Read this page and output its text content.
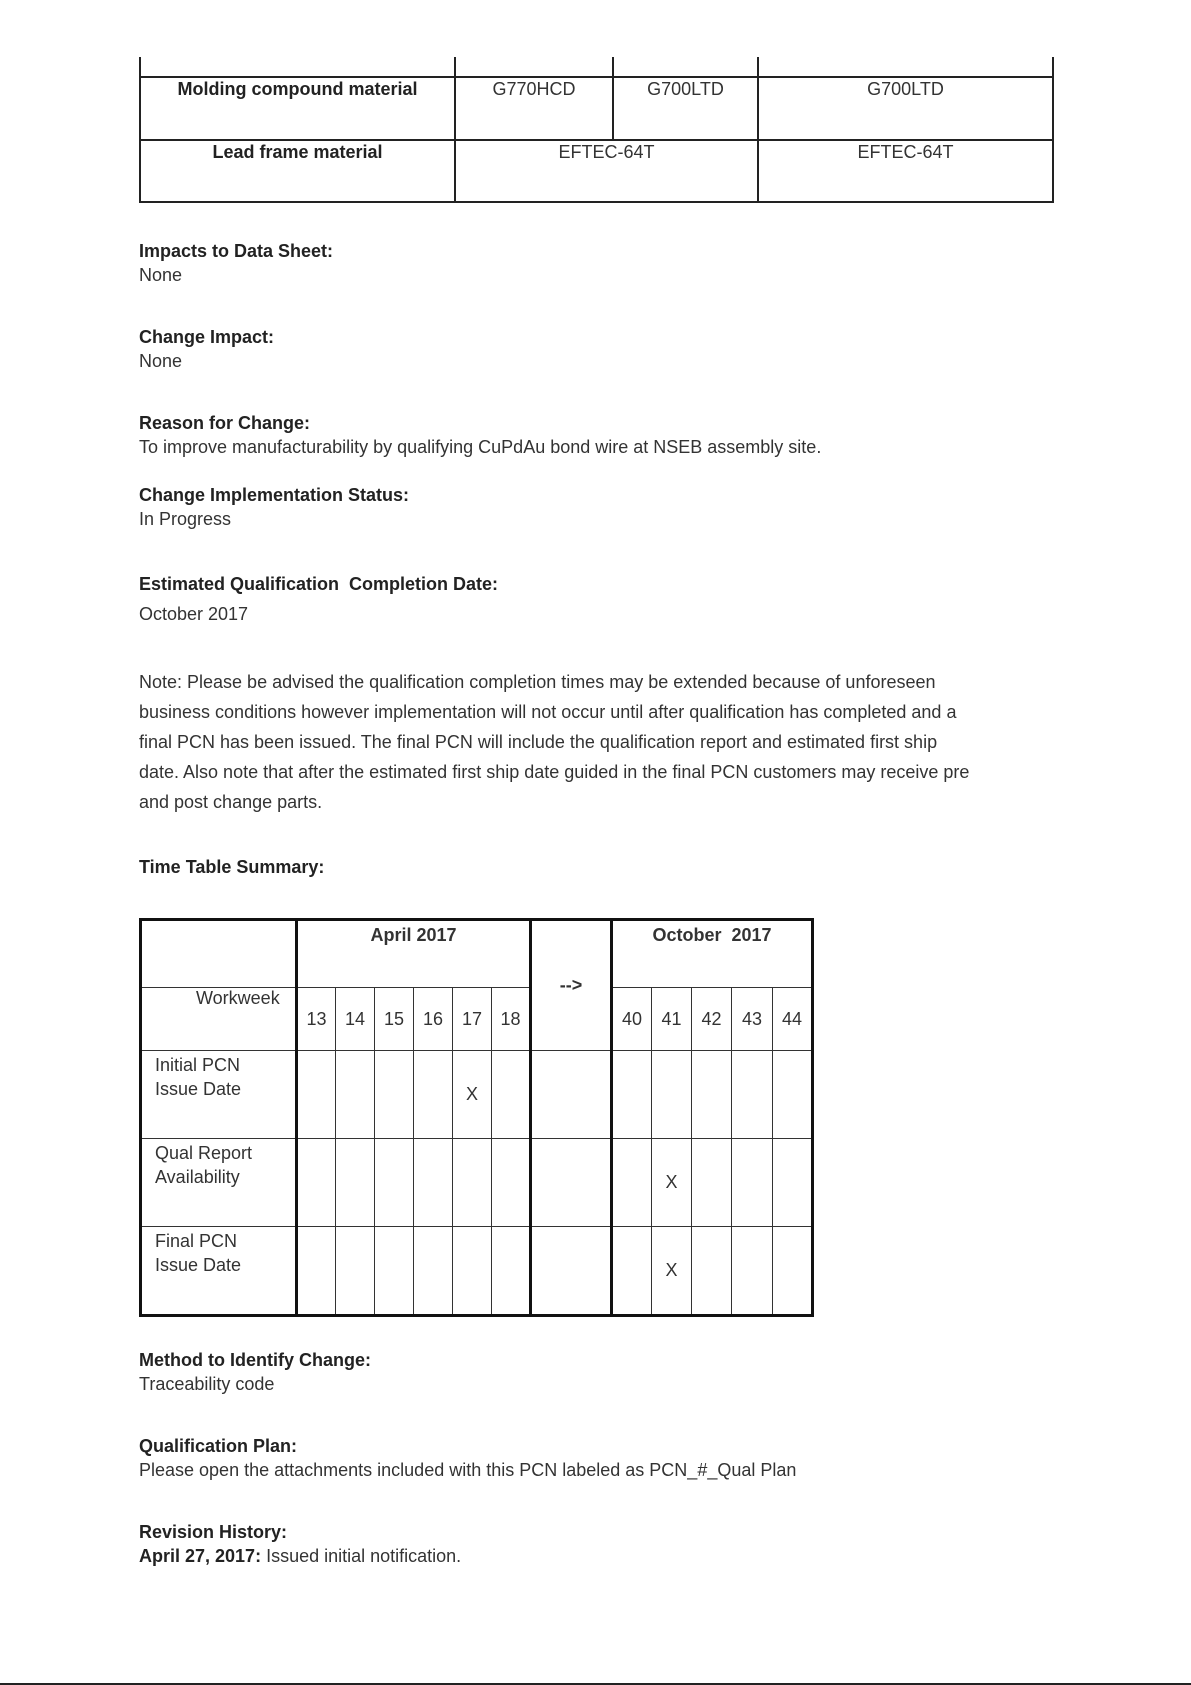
Molding compound material	G770HCD	G700LTD	G700LTD
Lead frame material	EFTEC-64T	EFTEC-64T
Impacts to Data Sheet:
None
Change Impact:
None
Reason for Change:
To improve manufacturability by qualifying CuPdAu bond wire at NSEB assembly site.
Change Implementation Status:
In Progress
Estimated Qualification  Completion Date:
October 2017
Note: Please be advised the qualification completion times may be extended because of unforeseen
business conditions however implementation will not occur until after qualification has completed and a
final PCN has been issued. The final PCN will include the qualification report and estimated first ship
date. Also note that after the estimated first ship date guided in the final PCN customers may receive pre
and post change parts.
Time Table Summary:
	April 2017						-->	October  2017				
Workweek	13	14	15	16	17	18		40	41	42	43	44

Initial PCN
Issue Date					X							

Qual Report
Availability									X			

Final PCN
Issue Date									X			
Method to Identify Change:
Traceability code
Qualification Plan:
Please open the attachments included with this PCN labeled as PCN_#_Qual Plan
Revision History:
April 27, 2017: Issued initial notification.
